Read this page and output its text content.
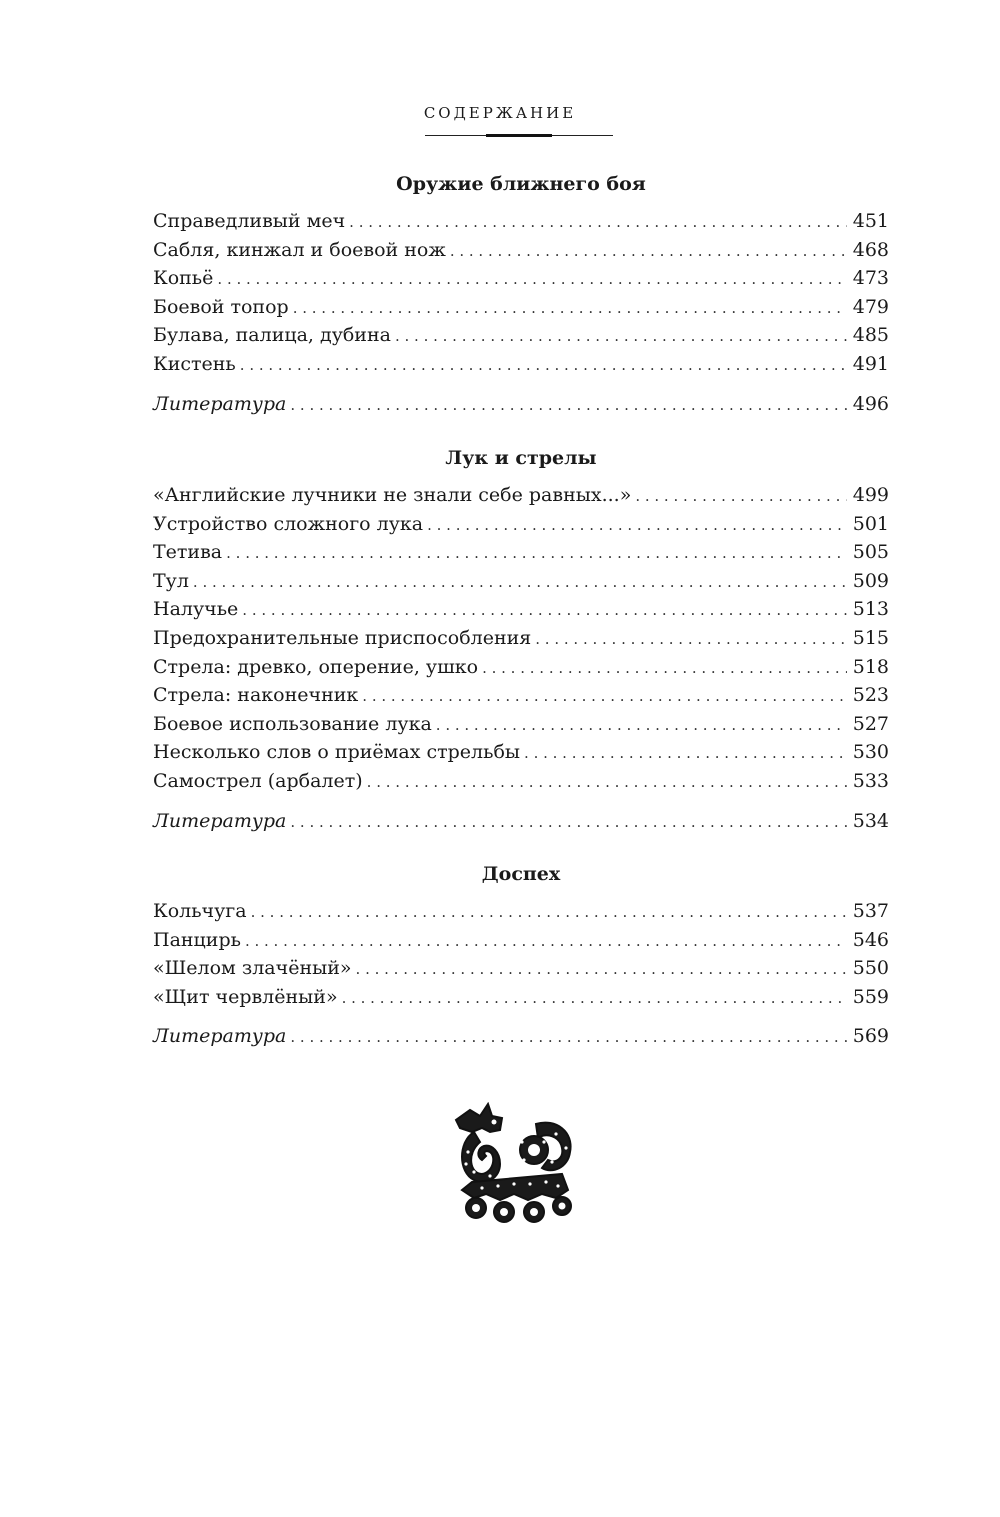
СОДЕРЖАНИЕ
Оружие ближнего боя
Справедливый меч . . .	451
Сабля, кинжал и боевой нож . . .	468
Копьё . . .	473
Боевой топор . . .	479
Булава, палица, дубина . . .	485
Кистень . . .	491
Литература . . .	496
Лук и стрелы
«Английские лучники не знали себе равных...» . . .	499
Устройство сложного лука . . .	501
Тетива . . .	505
Тул . . .	509
Налучье . . .	513
Предохранительные приспособления . . .	515
Стрела: древко, оперение, ушко . . .	518
Стрела: наконечник . . .	523
Боевое использование лука . . .	527
Несколько слов о приёмах стрельбы . . .	530
Самострел (арбалет) . . .	533
Литература . . .	534
Доспех
Кольчуга . . .	537
Панцирь . . .	546
«Шелом злачёный» . . .	550
«Щит червлёный» . . .	559
Литература . . .	569
